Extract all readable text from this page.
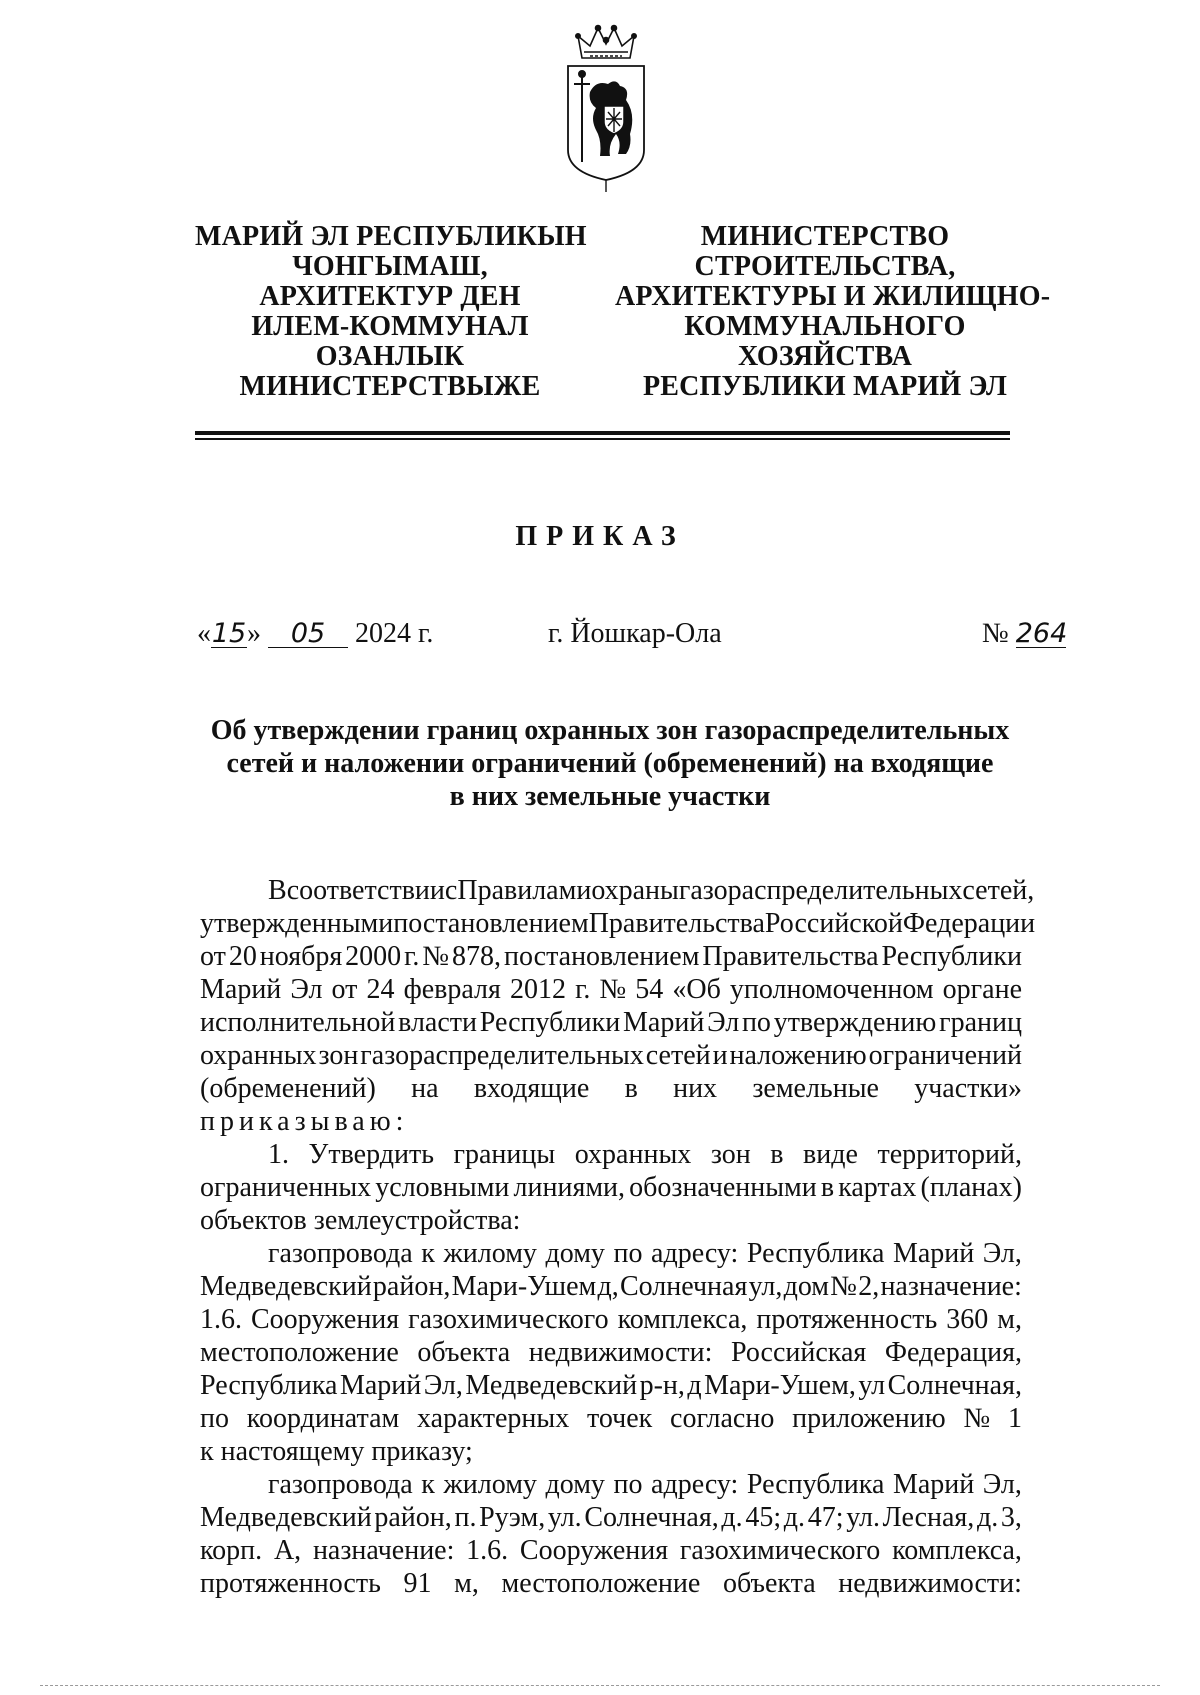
МАРИЙ ЭЛ РЕСПУБЛИКЫН
ЧОНГЫМАШ,
АРХИТЕКТУР ДЕН
ИЛЕМ-КОММУНАЛ
ОЗАНЛЫК
МИНИСТЕРСТВЫЖЕ
МИНИСТЕРСТВО
СТРОИТЕЛЬСТВА,
АРХИТЕКТУРЫ И ЖИЛИЩНО-
КОММУНАЛЬНОГО
ХОЗЯЙСТВА
РЕСПУБЛИКИ МАРИЙ ЭЛ
ПРИКАЗ
«15» 05 2024 г.	г. Йошкар-Ола	№ 264
Об утверждении границ охранных зон газораспределительных
сетей и наложении ограничений (обременений) на входящие
в них земельные участки
В соответствии с Правилами охраны газораспределительных сетей,
утвержденными постановлением Правительства Российской Федерации
от 20 ноября 2000 г. № 878, постановлением Правительства Республики
Марий Эл от 24 февраля 2012 г. № 54 «Об уполномоченном органе
исполнительной власти Республики Марий Эл по утверждению границ
охранных зон газораспределительных сетей и наложению ограничений
(обременений) на входящие в них земельные участки»
приказываю:
1. Утвердить границы охранных зон в виде территорий,
ограниченных условными линиями, обозначенными в картах (планах)
объектов землеустройства:
газопровода к жилому дому по адресу: Республика Марий Эл,
Медведевский район, Мари-Ушем д, Солнечная ул, дом № 2, назначение:
1.6. Сооружения газохимического комплекса, протяженность 360 м,
местоположение объекта недвижимости: Российская Федерация,
Республика Марий Эл, Медведевский р-н, д Мари-Ушем, ул Солнечная,
по координатам характерных точек согласно приложению № 1
к настоящему приказу;
газопровода к жилому дому по адресу: Республика Марий Эл,
Медведевский район, п. Руэм, ул. Солнечная, д. 45; д. 47; ул. Лесная, д. 3,
корп. А, назначение: 1.6. Сооружения газохимического комплекса,
протяженность 91 м, местоположение объекта недвижимости:
